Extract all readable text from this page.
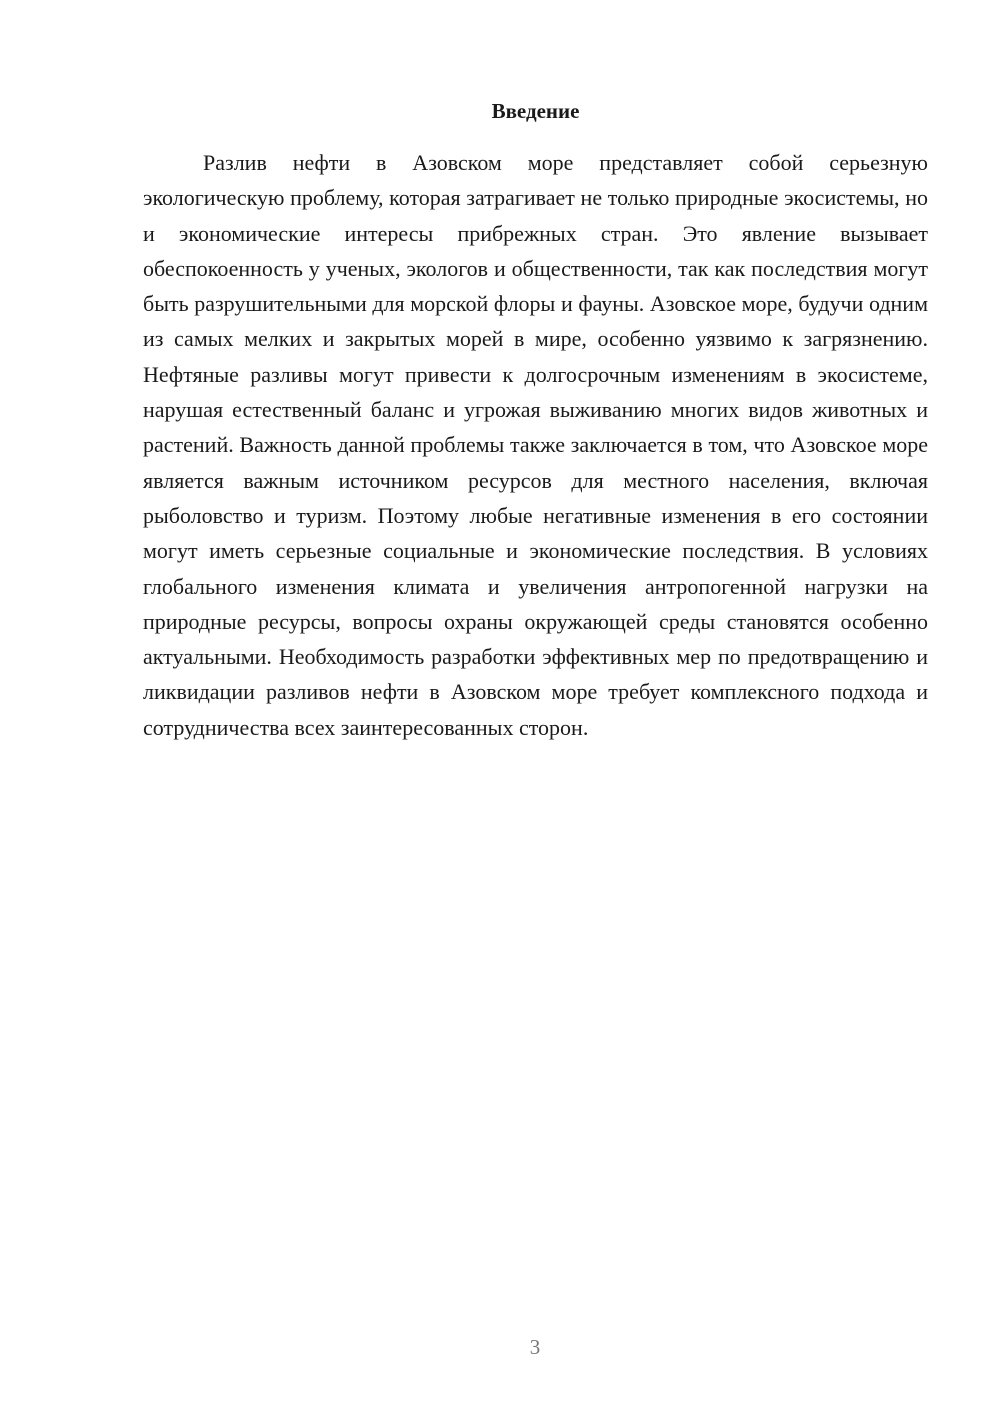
Введение

Разлив нефти в Азовском море представляет собой серьезную экологическую проблему, которая затрагивает не только природные экосистемы, но и экономические интересы прибрежных стран. Это явление вызывает обеспокоенность у ученых, экологов и общественности, так как последствия могут быть разрушительными для морской флоры и фауны. Азовское море, будучи одним из самых мелких и закрытых морей в мире, особенно уязвимо к загрязнению. Нефтяные разливы могут привести к долгосрочным изменениям в экосистеме, нарушая естественный баланс и угрожая выживанию многих видов животных и растений. Важность данной проблемы также заключается в том, что Азовское море является важным источником ресурсов для местного населения, включая рыболовство и туризм. Поэтому любые негативные изменения в его состоянии могут иметь серьезные социальные и экономические последствия. В условиях глобального изменения климата и увеличения антропогенной нагрузки на природные ресурсы, вопросы охраны окружающей среды становятся особенно актуальными. Необходимость разработки эффективных мер по предотвращению и ликвидации разливов нефти в Азовском море требует комплексного подхода и сотрудничества всех заинтересованных сторон.

3
